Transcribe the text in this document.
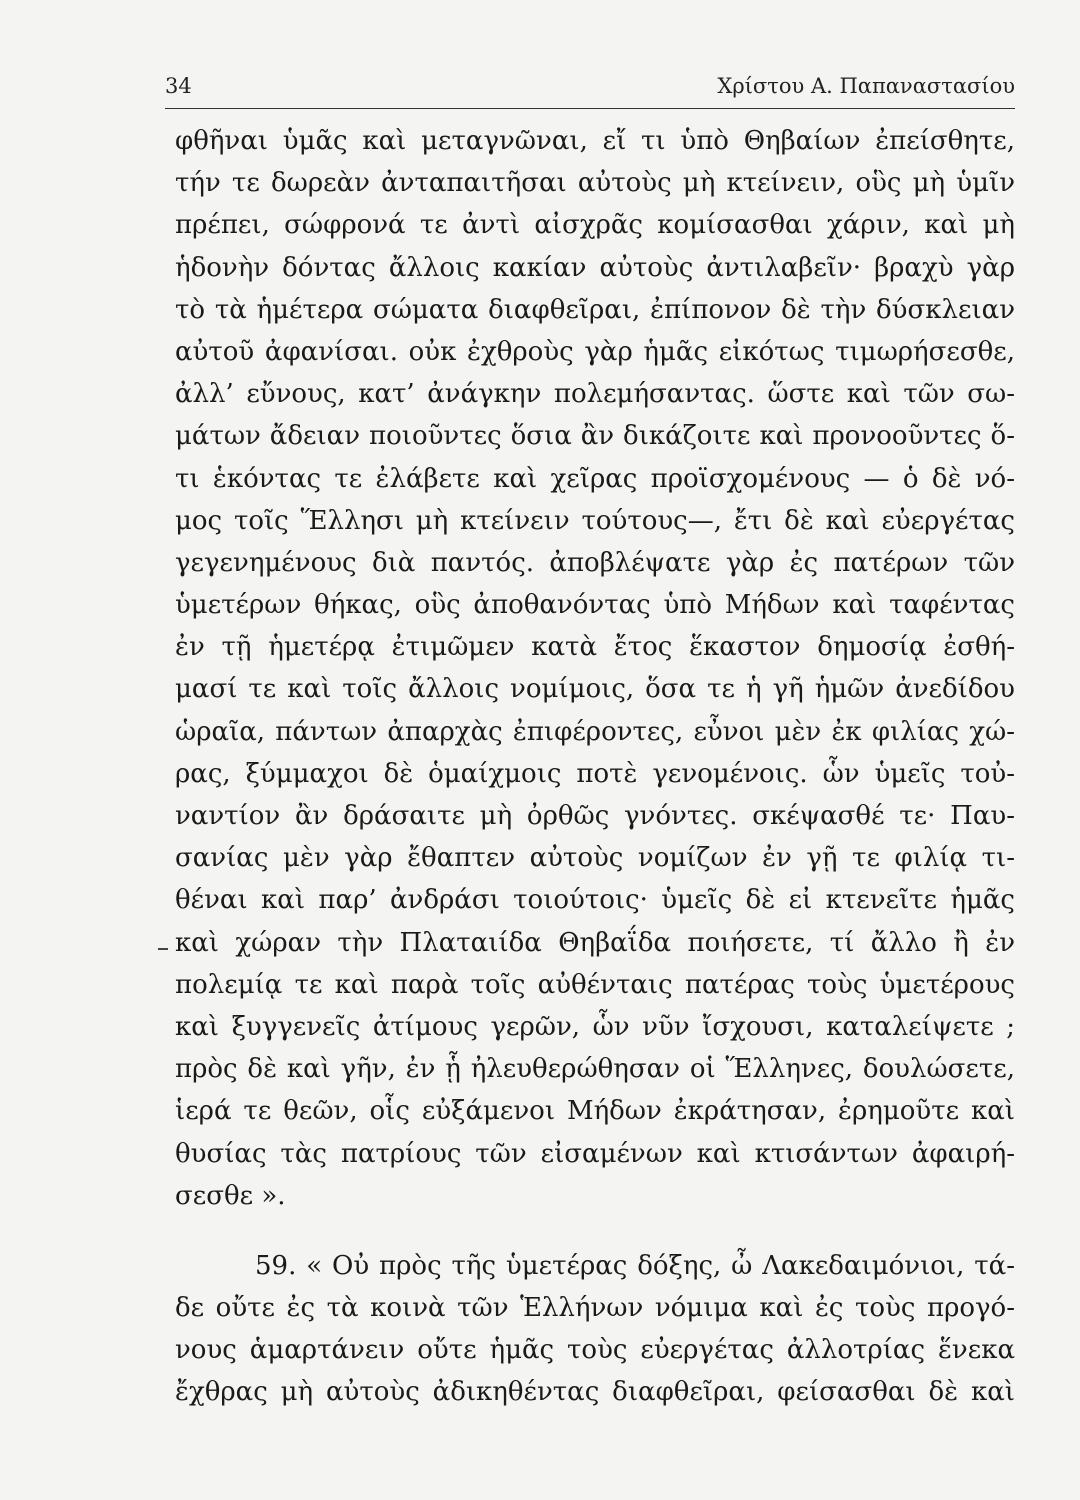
34	Χρίστου Α. Παπαναστασίου
φθῆναι ὑμᾶς καὶ μεταγνῶναι, εἴ τι ὑπὸ Θηβαίων ἐπείσθητε,
τήν τε δωρεὰν ἀνταπαιτῆσαι αὐτοὺς μὴ κτείνειν, οὓς μὴ ὑμῖν
πρέπει, σώφρονά τε ἀντὶ αἰσχρᾶς κομίσασθαι χάριν, καὶ μὴ
ἡδονὴν δόντας ἄλλοις κακίαν αὐτοὺς ἀντιλαβεῖν· βραχὺ γὰρ
τὸ τὰ ἡμέτερα σώματα διαφθεῖραι, ἐπίπονον δὲ τὴν δύσκλειαν
αὐτοῦ ἀφανίσαι. οὐκ ἐχθροὺς γὰρ ἡμᾶς εἰκότως τιμωρήσεσθε,
ἀλλ’ εὔνους, κατ’ ἀνάγκην πολεμήσαντας. ὥστε καὶ τῶν σω-
μάτων ἄδειαν ποιοῦντες ὅσια ἂν δικάζοιτε καὶ προνοοῦντες ὅ-
τι ἑκόντας τε ἐλάβετε καὶ χεῖρας προϊσχομένους — ὁ δὲ νό-
μος τοῖς Ἕλλησι μὴ κτείνειν τούτους—, ἔτι δὲ καὶ εὐεργέτας
γεγενημένους διὰ παντός. ἀποβλέψατε γὰρ ἐς πατέρων τῶν
ὑμετέρων θήκας, οὓς ἀποθανόντας ὑπὸ Μήδων καὶ ταφέντας
ἐν τῇ ἡμετέρᾳ ἐτιμῶμεν κατὰ ἔτος ἕκαστον δημοσίᾳ ἐσθή-
μασί τε καὶ τοῖς ἄλλοις νομίμοις, ὅσα τε ἡ γῆ ἡμῶν ἀνεδίδου
ὡραῖα, πάντων ἀπαρχὰς ἐπιφέροντες, εὖνοι μὲν ἐκ φιλίας χώ-
ρας, ξύμμαχοι δὲ ὁμαίχμοις ποτὲ γενομένοις. ὧν ὑμεῖς τοὐ-
ναντίον ἂν δράσαιτε μὴ ὀρθῶς γνόντες. σκέψασθέ τε· Παυ-
σανίας μὲν γὰρ ἔθαπτεν αὐτοὺς νομίζων ἐν γῇ τε φιλίᾳ τι-
θέναι καὶ παρ’ ἀνδράσι τοιούτοις· ὑμεῖς δὲ εἰ κτενεῖτε ἡμᾶς
καὶ χώραν τὴν Πλαταιίδα Θηβαΐδα ποιήσετε, τί ἄλλο ἢ ἐν
πολεμίᾳ τε καὶ παρὰ τοῖς αὐθένταις πατέρας τοὺς ὑμετέρους
καὶ ξυγγενεῖς ἀτίμους γερῶν, ὧν νῦν ἴσχουσι, καταλείψετε ;
πρὸς δὲ καὶ γῆν, ἐν ᾗ ἠλευθερώθησαν οἱ Ἕλληνες, δουλώσετε,
ἱερά τε θεῶν, οἷς εὐξάμενοι Μήδων ἐκράτησαν, ἐρημοῦτε καὶ
θυσίας τὰς πατρίους τῶν εἰσαμένων καὶ κτισάντων ἀφαιρή-
σεσθε ».
59. « Οὐ πρὸς τῆς ὑμετέρας δόξης, ὦ Λακεδαιμόνιοι, τά-
δε οὔτε ἐς τὰ κοινὰ τῶν Ἑλλήνων νόμιμα καὶ ἐς τοὺς προγό-
νους ἁμαρτάνειν οὔτε ἡμᾶς τοὺς εὐεργέτας ἀλλοτρίας ἕνεκα
ἔχθρας μὴ αὐτοὺς ἀδικηθέντας διαφθεῖραι, φείσασθαι δὲ καὶ
